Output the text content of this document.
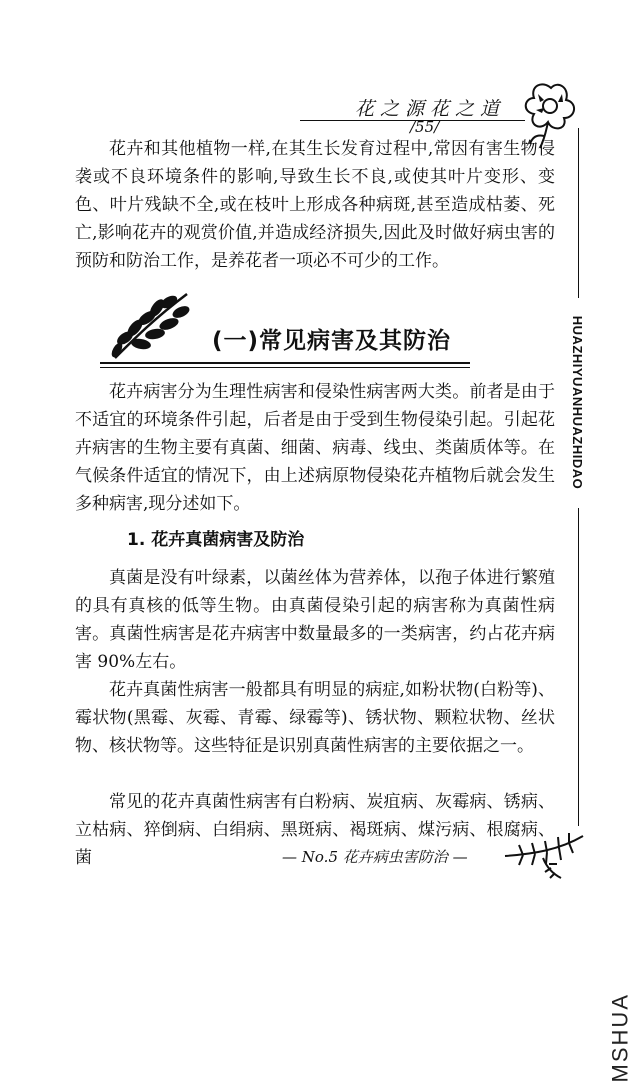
花之源花之道
/55/
HUAZHIYUANHUAZHIDAO

花卉和其他植物一样,在其生长发育过程中,常因有害生物侵袭或不良环境条件的影响,导致生长不良,或使其叶片变形、变色、叶片残缺不全,或在枝叶上形成各种病斑,甚至造成枯萎、死亡,影响花卉的观赏价值,并造成经济损失,因此及时做好病虫害的预防和防治工作，是养花者一项必不可少的工作。

(一)常见病害及其防治

花卉病害分为生理性病害和侵染性病害两大类。前者是由于不适宜的环境条件引起，后者是由于受到生物侵染引起。引起花卉病害的生物主要有真菌、细菌、病毒、线虫、类菌质体等。在气候条件适宜的情况下，由上述病原物侵染花卉植物后就会发生多种病害,现分述如下。

1. 花卉真菌病害及防治

真菌是没有叶绿素，以菌丝体为营养体，以孢子体进行繁殖的具有真核的低等生物。由真菌侵染引起的病害称为真菌性病害。真菌性病害是花卉病害中数量最多的一类病害，约占花卉病害 90%左右。

花卉真菌性病害一般都具有明显的病症,如粉状物(白粉等)、霉状物(黑霉、灰霉、青霉、绿霉等)、锈状物、颗粒状物、丝状物、核状物等。这些特征是识别真菌性病害的主要依据之一。

常见的花卉真菌性病害有白粉病、炭疽病、灰霉病、锈病、立枯病、猝倒病、白绢病、黑斑病、褐斑病、煤污病、根腐病、菌	— No.5 花卉病虫害防治 —
MSHUA
